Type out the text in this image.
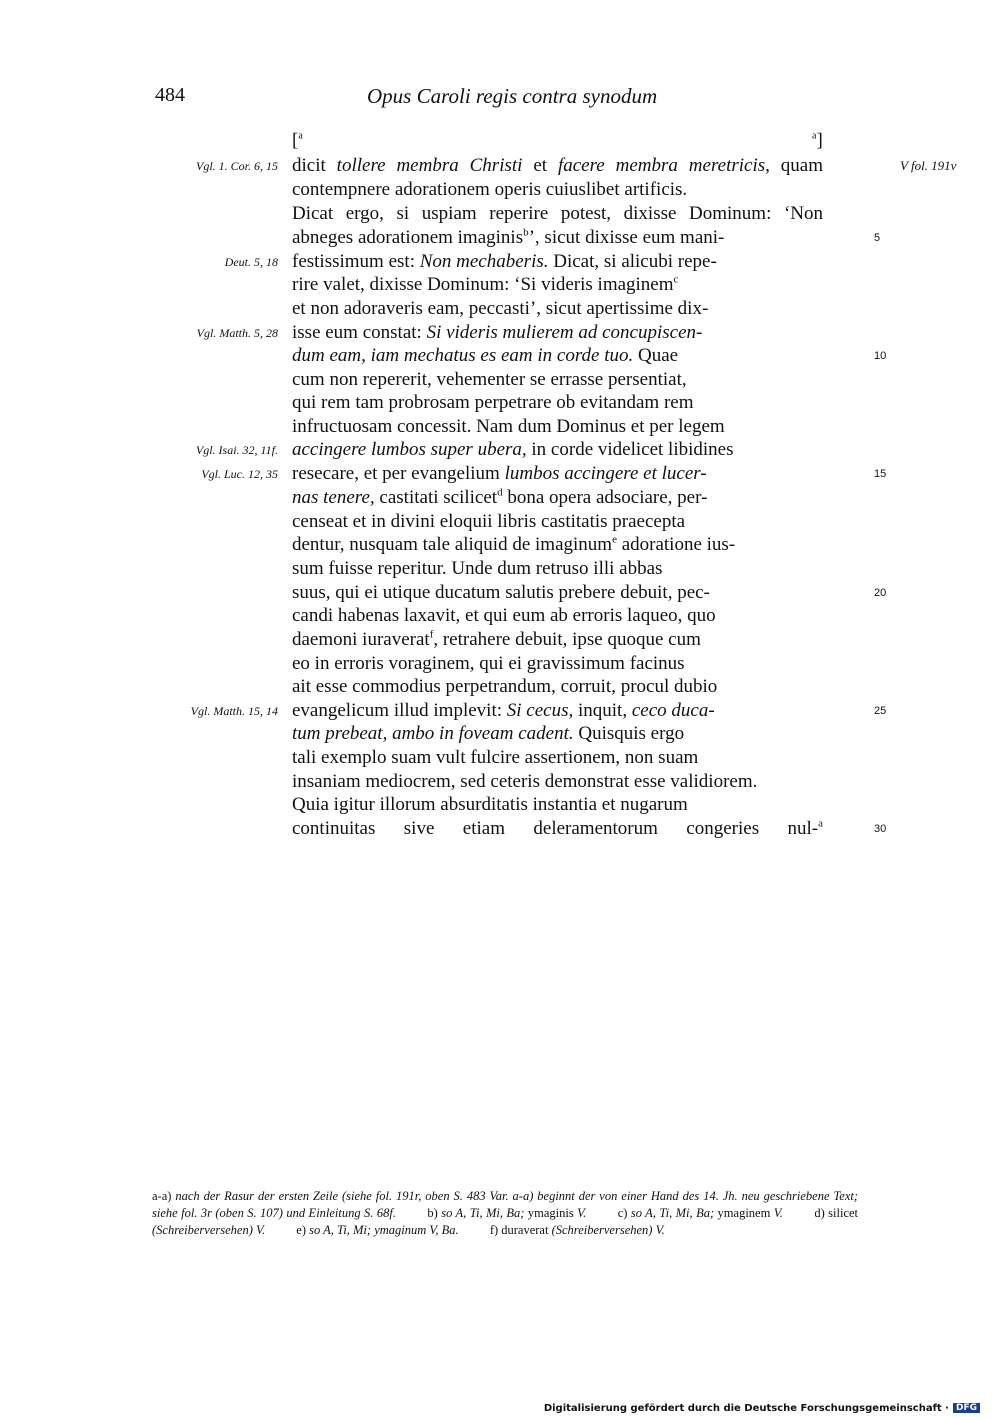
484	Opus Caroli regis contra synodum
[$^a$	$^a$]
Vgl. 1. Cor. 6, 15
Deut. 5, 18
Vgl. Matth. 5, 28
Vgl. Isai. 32, 11f.
Vgl. Luc. 12, 35
Vgl. Matth. 15, 14
V fol. 191v
5
10
15
20
25
30
dicit tollere membra Christi et facere membra meretricis, quam
contempnere adorationem operis cuiuslibet artificis.
Dicat ergo, si uspiam reperire potest, dixisse Dominum: ‘Non
abneges adorationem imaginis$^b$’, sicut dixisse eum mani-
festissimum est: Non mechaberis. Dicat, si alicubi repe-
rire valet, dixisse Dominum: ‘Si videris imaginem$^c$
et non adoraveris eam, peccasti’, sicut apertissime dix-
isse eum constat: Si videris mulierem ad concupiscen-
dum eam, iam mechatus es eam in corde tuo. Quae
cum non repererit, vehementer se errasse persentiat,
qui rem tam probrosam perpetrare ob evitandam rem
infructuosam concessit. Nam dum Dominus et per legem
accingere lumbos super ubera, in corde videlicet libidines
resecare, et per evangelium lumbos accingere et lucer-
nas tenere, castitati scilicet$^d$ bona opera adsociare, per-
censeat et in divini eloquii libris castitatis praecepta
dentur, nusquam tale aliquid de imaginum$^e$ adoratione ius-
sum fuisse reperitur. Unde dum retruso illi abbas
suus, qui ei utique ducatum salutis prebere debuit, pec-
candi habenas laxavit, et qui eum ab erroris laqueo, quo
daemoni iuraverat$^f$, retrahere debuit, ipse quoque cum
eo in erroris voraginem, qui ei gravissimum facinus
ait esse commodius perpetrandum, corruit, procul dubio
evangelicum illud implevit: Si cecus, inquit, ceco duca-
tum prebeat, ambo in foveam cadent. Quisquis ergo
tali exemplo suam vult fulcire assertionem, non suam
insaniam mediocrem, sed ceteris demonstrat esse validiorem.
Quia igitur illorum absurditatis instantia et nugarum
continuitas sive etiam deleramentorum congeries nul-$^a$
a-a) nach der Rasur der ersten Zeile (siehe fol. 191r, oben S. 483 Var. a-a) beginnt der von einer Hand des 14. Jh. neu geschriebene Text; siehe fol. 3r (oben S. 107) und Einleitung S. 68f.	b) so A, Ti, Mi, Ba; ymaginis V.	c) so A, Ti, Mi, Ba; ymaginem V.	d) silicet (Schreiberversehen) V. e) so A, Ti, Mi; ymaginum V, Ba. f) duraverat (Schreiberversehen) V.
Digitalisierung gefördert durch die Deutsche Forschungsgemeinschaft · DFG
